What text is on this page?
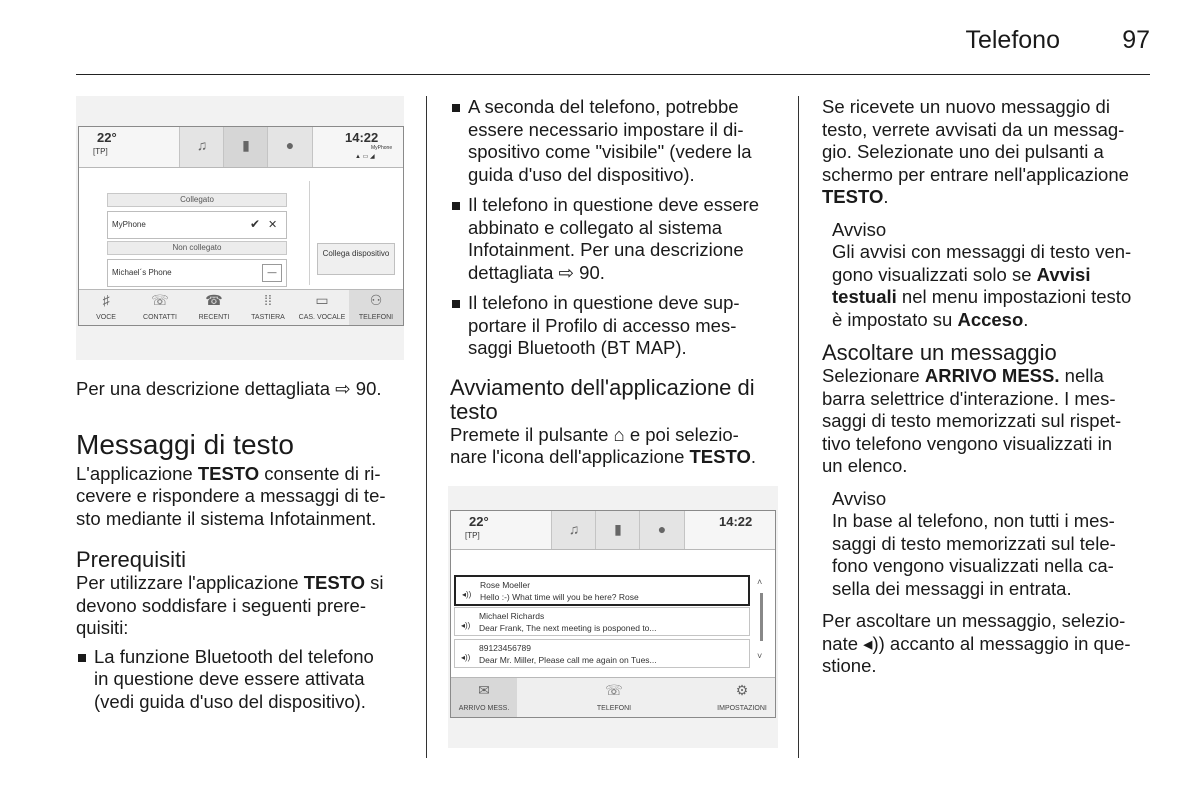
Telefono	97
22°
[TP]	♫	▮	●	14:22
MyPhone
▲ ▭ ◢
Collegato
MyPhone	✔ ✕
Non collegato
Michael´s Phone	—
Collega dispositivo
♯
VOCE
☏
CONTATTI
☎
RECENTI
⁞⁞
TASTIERA
▭
CAS. VOCALE
⚇
TELEFONI

Per una descrizione dettagliata ⇨ 90.

Messaggi di testo

L'applicazione TESTO consente di ri-
cevere e rispondere a messaggi di te-
sto mediante il sistema Infotainment.

Prerequisiti

Per utilizzare l'applicazione TESTO si
devono soddisfare i seguenti prere-
quisiti:

La funzione Bluetooth del telefono
in questione deve essere attivata
(vedi guida d'uso del dispositivo).

A seconda del telefono, potrebbe
essere necessario impostare il di-
spositivo come "visibile" (vedere la
guida d'uso del dispositivo).

Il telefono in questione deve essere
abbinato e collegato al sistema
Infotainment. Per una descrizione
dettagliata ⇨ 90.

Il telefono in questione deve sup-
portare il Profilo di accesso mes-
saggi Bluetooth (BT MAP).

Avviamento dell'applicazione di
testo

Premete il pulsante ⌂ e poi selezio-
nare l'icona dell'applicazione TESTO.

22°
[TP]	♫	▮	●	14:22
◂))
Rose Moeller
Hello :-) What time will you be here? Rose
◂))
Michael Richards
Dear Frank, The next meeting is posponed to...
◂))
89123456789
Dear Mr. Miller, Please call me again on Tues...
˄
˅
✉
ARRIVO MESS.
☏
TELEFONI
⚙
IMPOSTAZIONI

Se ricevete un nuovo messaggio di
testo, verrete avvisati da un messag-
gio. Selezionate uno dei pulsanti a
schermo per entrare nell'applicazione
TESTO.

Avviso

Gli avvisi con messaggi di testo ven-
gono visualizzati solo se Avvisi
testuali nel menu impostazioni testo
è impostato su Acceso.

Ascoltare un messaggio

Selezionare ARRIVO MESS. nella
barra selettrice d'interazione. I mes-
saggi di testo memorizzati sul rispet-
tivo telefono vengono visualizzati in
un elenco.

Avviso

In base al telefono, non tutti i mes-
saggi di testo memorizzati sul tele-
fono vengono visualizzati nella ca-
sella dei messaggi in entrata.

Per ascoltare un messaggio, selezio-
nate ◂)) accanto al messaggio in que-
stione.
